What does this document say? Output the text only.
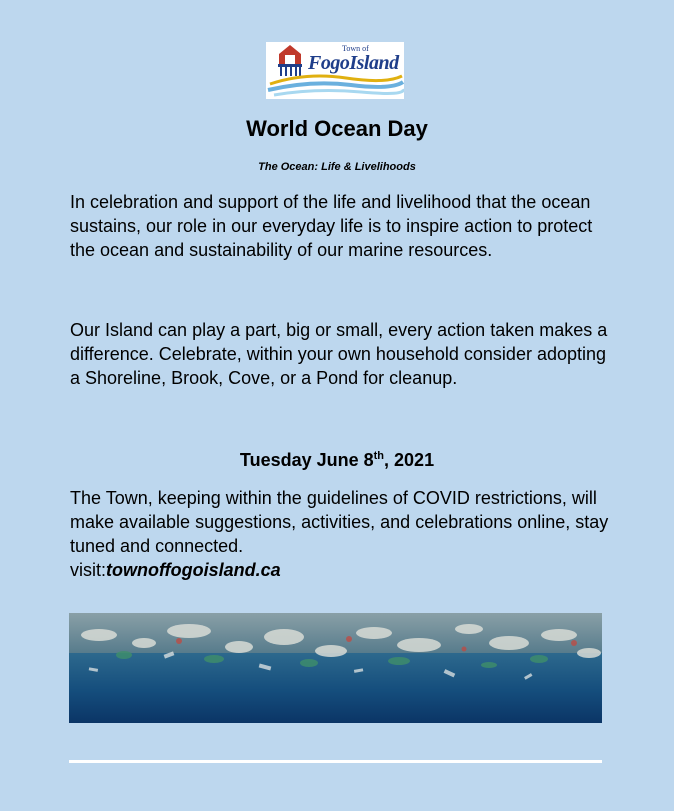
Town of
FogoIsland
World Ocean Day

The Ocean: Life & Livelihoods

In celebration and support of the life and livelihood that the ocean sustains, our role in our everyday life is to inspire action to protect the ocean and sustainability of our marine resources.

Our Island can play a part, big or small, every action taken makes a difference. Celebrate, within your own household consider adopting a Shoreline, Brook, Cove, or a Pond for cleanup.

Tuesday June 8th, 2021

The Town, keeping within the guidelines of COVID restrictions, will make available suggestions, activities, and celebrations online, stay tuned and connected.
visit:townoffogoisland.ca
